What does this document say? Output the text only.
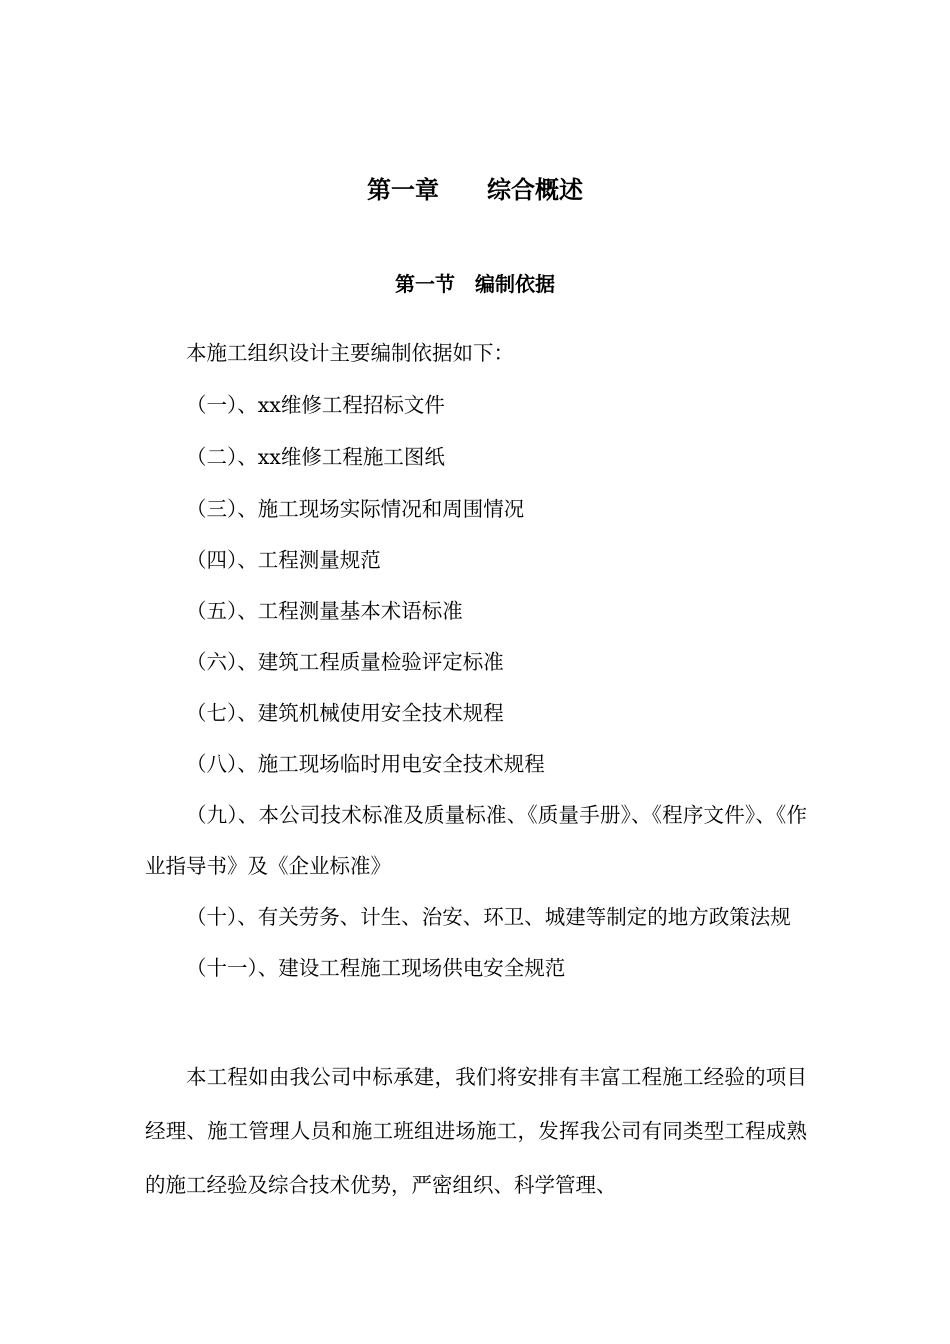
第一章　　综合概述
第一节　编制依据

本施工组织设计主要编制依据如下：

（一）、xx维修工程招标文件

（二）、xx维修工程施工图纸

（三）、施工现场实际情况和周围情况

（四）、工程测量规范

（五）、工程测量基本术语标准

（六）、建筑工程质量检验评定标准

（七）、建筑机械使用安全技术规程

（八）、施工现场临时用电安全技术规程

（九）、本公司技术标准及质量标准、《质量手册》、《程序文件》、《作业指导书》及《企业标准》

（十）、有关劳务、计生、治安、环卫、城建等制定的地方政策法规

（十一）、建设工程施工现场供电安全规范

本工程如由我公司中标承建，我们将安排有丰富工程施工经验的项目经理、施工管理人员和施工班组进场施工，发挥我公司有同类型工程成熟的施工经验及综合技术优势，严密组织、科学管理、
